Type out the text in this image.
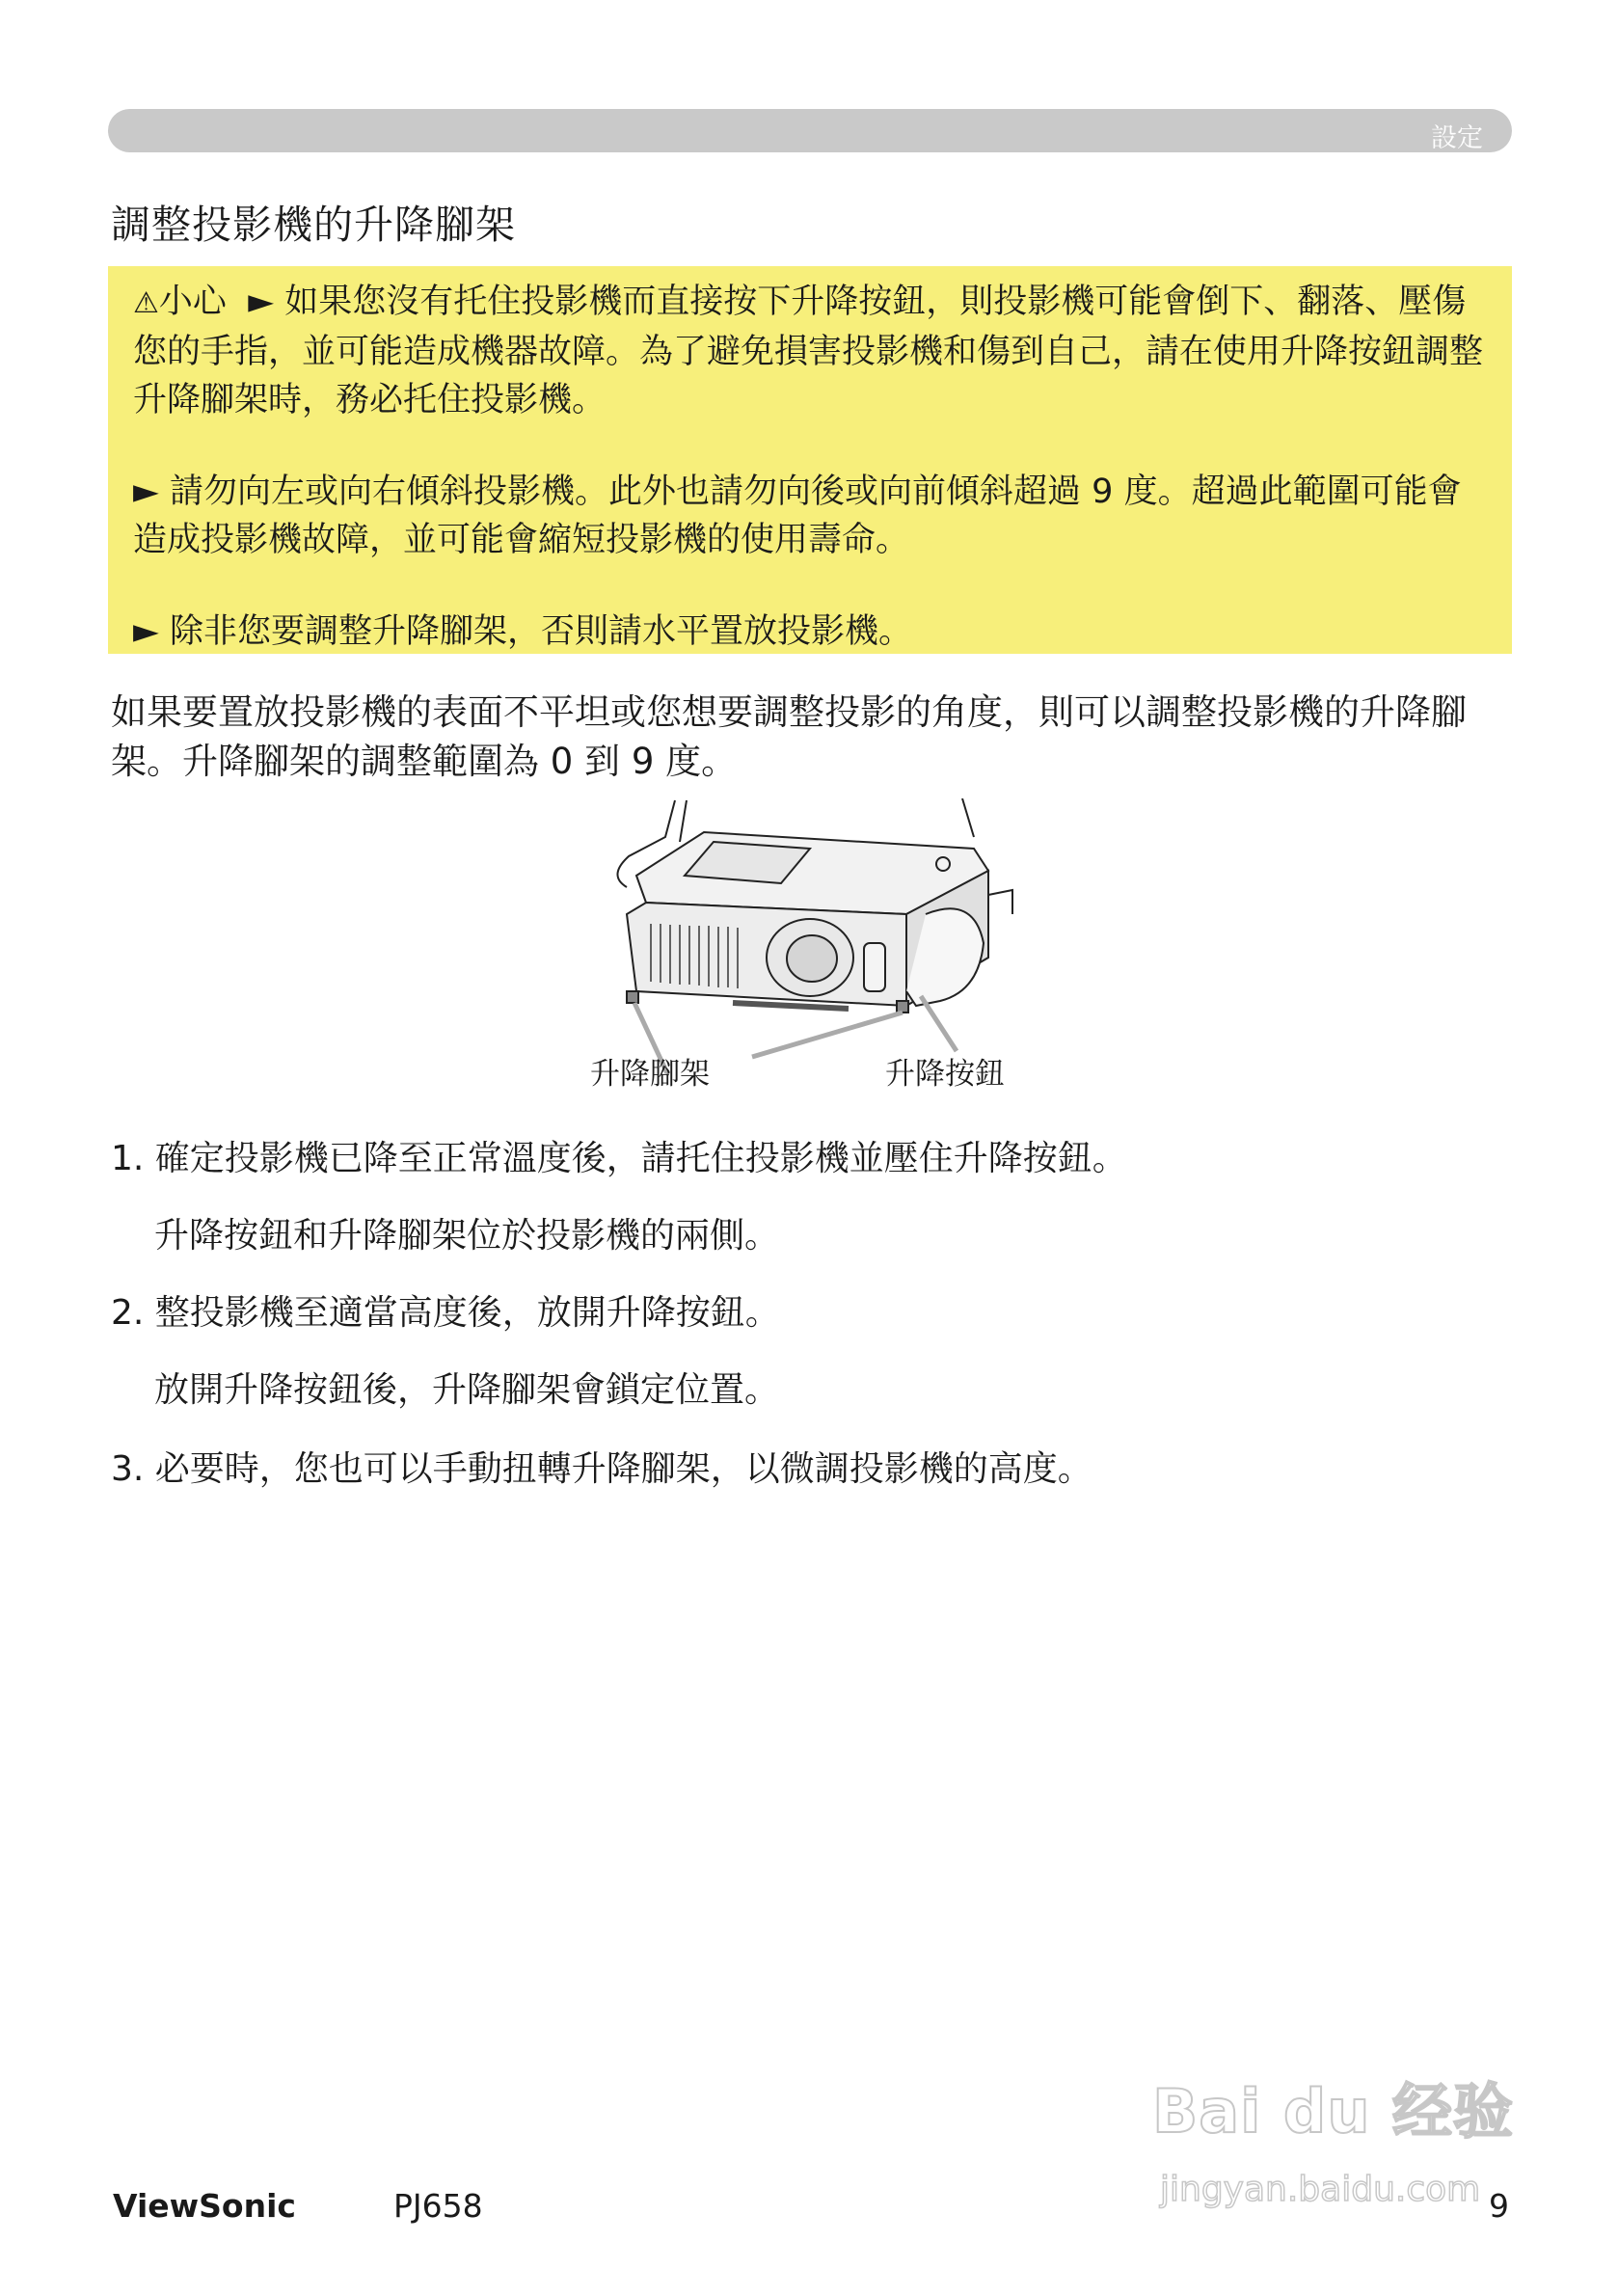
設定
調整投影機的升降腳架

⚠小心 ► 如果您沒有托住投影機而直接按下升降按鈕，則投影機可能會倒下、翻落、壓傷您的手指，並可能造成機器故障。為了避免損害投影機和傷到自己，請在使用升降按鈕調整升降腳架時，務必托住投影機。

► 請勿向左或向右傾斜投影機。此外也請勿向後或向前傾斜超過 9 度。超過此範圍可能會造成投影機故障，並可能會縮短投影機的使用壽命。

► 除非您要調整升降腳架，否則請水平置放投影機。

如果要置放投影機的表面不平坦或您想要調整投影的角度，則可以調整投影機的升降腳架。升降腳架的調整範圍為 0 到 9 度。

升降腳架	升降按鈕

1. 確定投影機已降至正常溫度後，請托住投影機並壓住升降按鈕。

升降按鈕和升降腳架位於投影機的兩側。

2. 整投影機至適當高度後，放開升降按鈕。

放開升降按鈕後，升降腳架會鎖定位置。

3. 必要時，您也可以手動扭轉升降腳架，以微調投影機的高度。

Bai du 经验
jingyan.baidu.com
ViewSonic	PJ658	9
